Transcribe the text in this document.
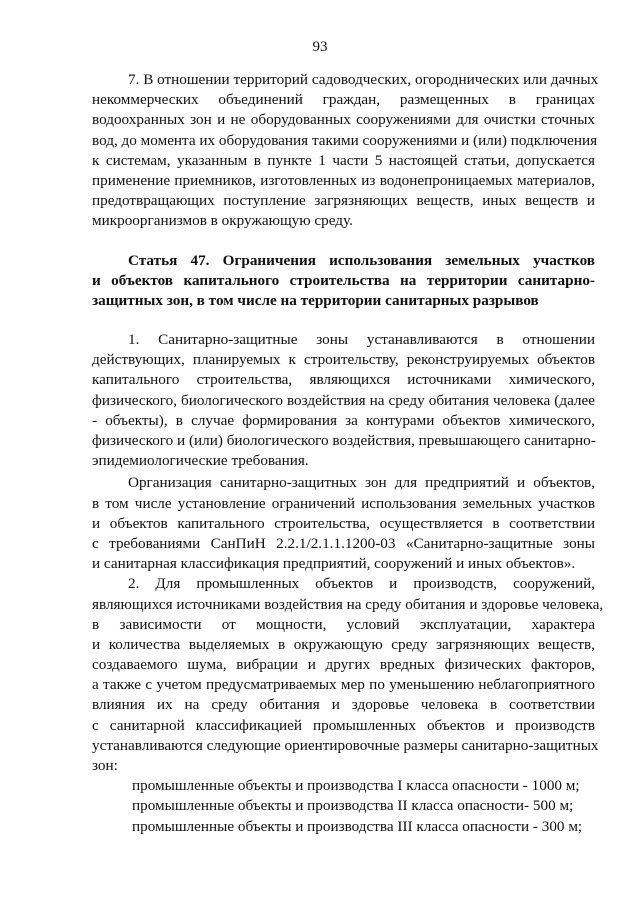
93
7. В отношении территорий садоводческих, огороднических или дачных
некоммерческих объединений граждан, размещенных в границах
водоохранных зон и не оборудованных сооружениями для очистки сточных
вод, до момента их оборудования такими сооружениями и (или) подключения
к системам, указанным в пункте 1 части 5 настоящей статьи, допускается
применение приемников, изготовленных из водонепроницаемых материалов,
предотвращающих поступление загрязняющих веществ, иных веществ и
микроорганизмов в окружающую среду.
Статья 47. Ограничения использования земельных участков
и объектов капитального строительства на территории санитарно-
защитных зон, в том числе на территории санитарных разрывов
1. Санитарно-защитные зоны устанавливаются в отношении
действующих, планируемых к строительству, реконструируемых объектов
капитального строительства, являющихся источниками химического,
физического, биологического воздействия на среду обитания человека (далее
- объекты), в случае формирования за контурами объектов химического,
физического и (или) биологического воздействия, превышающего санитарно-
эпидемиологические требования.
Организация санитарно-защитных зон для предприятий и объектов,
в том числе установление ограничений использования земельных участков
и объектов капитального строительства, осуществляется в соответствии
с требованиями СанПиН 2.2.1/2.1.1.1200-03 «Санитарно-защитные зоны
и санитарная классификация предприятий, сооружений и иных объектов».
2. Для промышленных объектов и производств, сооружений,
являющихся источниками воздействия на среду обитания и здоровье человека,
в зависимости от мощности, условий эксплуатации, характера
и количества выделяемых в окружающую среду загрязняющих веществ,
создаваемого шума, вибрации и других вредных физических факторов,
а также с учетом предусматриваемых мер по уменьшению неблагоприятного
влияния их на среду обитания и здоровье человека в соответствии
с санитарной классификацией промышленных объектов и производств
устанавливаются следующие ориентировочные размеры санитарно-защитных
зон:
промышленные объекты и производства I класса опасности - 1000 м;
промышленные объекты и производства II класса опасности- 500 м;
промышленные объекты и производства III класса опасности - 300 м;
